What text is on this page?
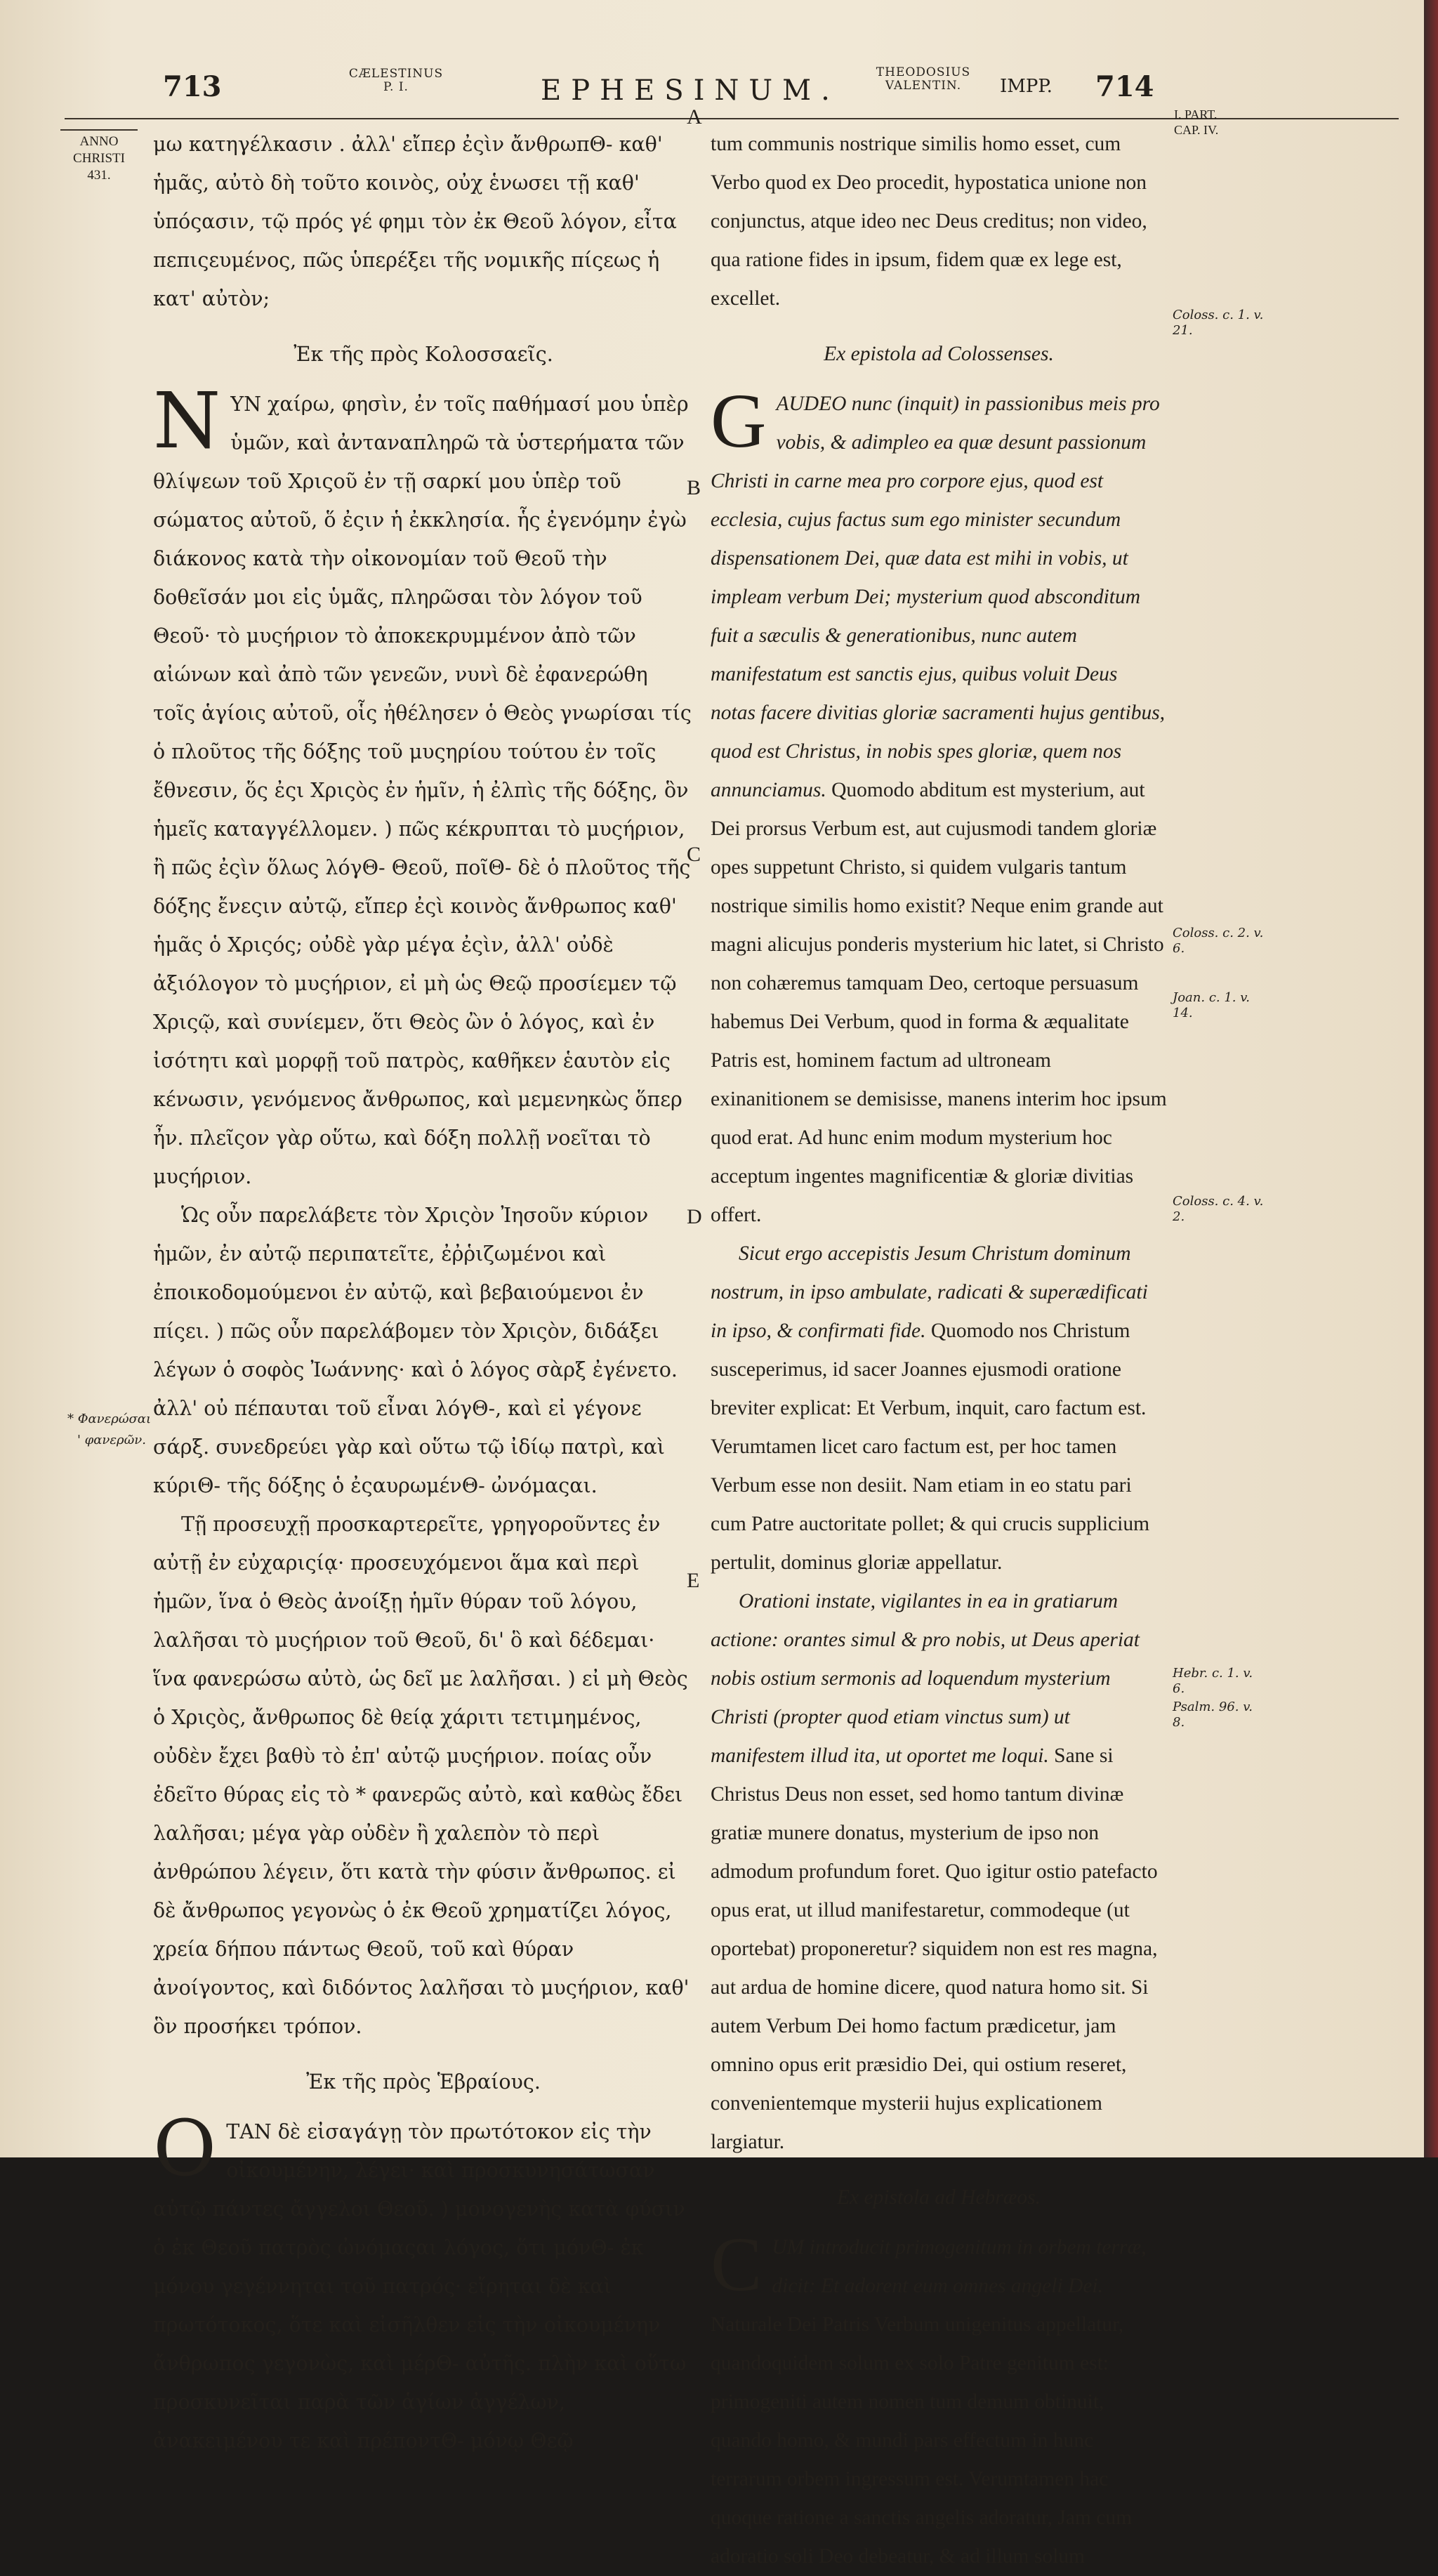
713	CÆLESTINUS
P. I.	EPHESINUM.
THEODOSIUS
VALENTIN.	IMPP. 714
ANNO
CHRISTI
431.
I. PART.
CAP. IV.

μω κατηγέλκασιν . ἀλλ' εἴπερ ἐςὶν ἄνθρωπΘ- καθ' ἡμᾶς, αὐτὸ δὴ τοῦτο κοινὸς, οὐχ ἑνωσει τῇ καθ' ὑπόςασιν, τῷ πρός γέ φημι τὸν ἐκ Θεοῦ λόγον, εἶτα πεπιςευμένος, πῶς ὑπερέξει τῆς νομικῆς πίςεως ἡ κατ' αὐτὸν;

Ἐκ τῆς πρὸς Κολοσσαεῖς.

NΥΝ χαίρω, φησὶν, ἐν τοῖς παθήμασί μου ὑπὲρ ὑμῶν, καὶ ἀνταναπληρῶ τὰ ὑστερήματα τῶν θλίψεων τοῦ Χριςοῦ ἐν τῇ σαρκί μου ὑπὲρ τοῦ σώματος αὐτοῦ, ὅ ἐςιν ἡ ἐκκλησία. ἧς ἐγενόμην ἐγὼ διάκονος κατὰ τὴν οἰκονομίαν τοῦ Θεοῦ τὴν δοθεῖσάν μοι εἰς ὑμᾶς, πληρῶσαι τὸν λόγον τοῦ Θεοῦ· τὸ μυςήριον τὸ ἀποκεκρυμμένον ἀπὸ τῶν αἰώνων καὶ ἀπὸ τῶν γενεῶν, νυνὶ δὲ ἐφανερώθη τοῖς ἁγίοις αὐτοῦ, οἷς ἠθέλησεν ὁ Θεὸς γνωρίσαι τίς ὁ πλοῦτος τῆς δόξης τοῦ μυςηρίου τούτου ἐν τοῖς ἔθνεσιν, ὅς ἐςι Χριςὸς ἐν ἡμῖν, ἡ ἐλπὶς τῆς δόξης, ὃν ἡμεῖς καταγγέλλομεν. ) πῶς κέκρυπται τὸ μυςήριον, ἢ πῶς ἐςὶν ὅλως λόγΘ- Θεοῦ, ποῖΘ- δὲ ὁ πλοῦτος τῆς δόξης ἔνεςιν αὐτῷ, εἴπερ ἐςὶ κοινὸς ἄνθρωπος καθ' ἡμᾶς ὁ Χριςός; οὐδὲ γὰρ μέγα ἐςὶν, ἀλλ' οὐδὲ ἀξιόλογον τὸ μυςήριον, εἰ μὴ ὡς Θεῷ προσίεμεν τῷ Χριςῷ, καὶ συνίεμεν, ὅτι Θεὸς ὢν ὁ λόγος, καὶ ἐν ἰσότητι καὶ μορφῇ τοῦ πατρὸς, καθῆκεν ἑαυτὸν εἰς κένωσιν, γενόμενος ἄνθρωπος, καὶ μεμενηκὼς ὅπερ ἦν. πλεῖςον γὰρ οὕτω, καὶ δόξη πολλῇ νοεῖται τὸ μυςήριον.

Ὡς οὖν παρελάβετε τὸν Χριςὸν Ἰησοῦν κύριον ἡμῶν, ἐν αὐτῷ περιπατεῖτε, ἐῤῥιζωμένοι καὶ ἐποικοδομούμενοι ἐν αὐτῷ, καὶ βεβαιούμενοι ἐν πίςει. ) πῶς οὖν παρελάβομεν τὸν Χριςὸν, διδάξει λέγων ὁ σοφὸς Ἰωάννης· καὶ ὁ λόγος σὰρξ ἐγένετο. ἀλλ' οὐ πέπαυται τοῦ εἶναι λόγΘ-, καὶ εἰ γέγονε σάρξ. συνεδρεύει γὰρ καὶ οὕτω τῷ ἰδίῳ πατρὶ, καὶ κύριΘ- τῆς δόξης ὁ ἐςαυρωμένΘ- ὠνόμαςαι.

Τῇ προσευχῇ προσκαρτερεῖτε, γρηγοροῦντες ἐν αὐτῇ ἐν εὐχαριςίᾳ· προσευχόμενοι ἅμα καὶ περὶ ἡμῶν, ἵνα ὁ Θεὸς ἀνοίξῃ ἡμῖν θύραν τοῦ λόγου, λαλῆσαι τὸ μυςήριον τοῦ Θεοῦ, δι' ὃ καὶ δέδεμαι· ἵνα φανερώσω αὐτὸ, ὡς δεῖ με λαλῆσαι. ) εἰ μὴ Θεὸς ὁ Χριςὸς, ἄνθρωπος δὲ θείᾳ χάριτι τετιμημένος, οὐδὲν ἔχει βαθὺ τὸ ἐπ' αὐτῷ μυςήριον. ποίας οὖν ἐδεῖτο θύρας εἰς τὸ * φανερῶς αὐτὸ, καὶ καθὼς ἔδει λαλῆσαι; μέγα γὰρ οὐδὲν ἢ χαλεπὸν τὸ περὶ ἀνθρώπου λέγειν, ὅτι κατὰ τὴν φύσιν ἄνθρωπος. εἰ δὲ ἄνθρωπος γεγονὼς ὁ ἐκ Θεοῦ χρηματίζει λόγος, χρεία δήπου πάντως Θεοῦ, τοῦ καὶ θύραν ἀνοίγοντος, καὶ διδόντος λαλῆσαι τὸ μυςήριον, καθ' ὃν προσήκει τρόπον.

Ἐκ τῆς πρὸς Ἑβραίους.

OΤΑΝ δὲ εἰσαγάγῃ τὸν πρωτότοκον εἰς τὴν οἰκουμένην, λέγει· καὶ προσκυνησάτωσαν αὐτῷ πάντες ἄγγελοι Θεοῦ. ) μονογενὴς κατὰ φύσιν ὁ ἐκ Θεοῦ πατρὸς ὠνόμαςαι λόγος, ὅτι μόνΘ- ἐκ μόνου γεγέννηται τοῦ πατρός· εἴρηται δὲ καὶ πρωτότοκος, ὅτε καὶ εἰσῆλθεν εἰς τὴν οἰκουμένην ἄνθρωπος γεγονὼς, καὶ μέρΘ- αὐτῆς. πλὴν καὶ οὕτω προσκυνεῖται παρὰ τῶν ἁγίων ἀγγέλων, ἀνακειμένου τε καὶ πρέποντΘ- μόνῳ Θεῷ

* Φανερώσαι
' φανερῶν.
A
B
C
D
E

tum communis nostrique similis homo esset, cum Verbo quod ex Deo procedit, hypostatica unione non conjunctus, atque ideo nec Deus creditus; non video, qua ratione fides in ipsum, fidem quæ ex lege est, excellet.

Ex epistola ad Colossenses.

GAUDEO nunc (inquit) in passionibus meis pro vobis, & adimpleo ea quæ desunt passionum Christi in carne mea pro corpore ejus, quod est ecclesia, cujus factus sum ego minister secundum dispensationem Dei, quæ data est mihi in vobis, ut impleam verbum Dei; mysterium quod absconditum fuit a sæculis & generationibus, nunc autem manifestatum est sanctis ejus, quibus voluit Deus notas facere divitias gloriæ sacramenti hujus gentibus, quod est Christus, in nobis spes gloriæ, quem nos annunciamus. Quomodo abditum est mysterium, aut Dei prorsus Verbum est, aut cujusmodi tandem gloriæ opes suppetunt Christo, si quidem vulgaris tantum nostrique similis homo existit? Neque enim grande aut magni alicujus ponderis mysterium hic latet, si Christo non cohæremus tamquam Deo, certoque persuasum habemus Dei Verbum, quod in forma & æqualitate Patris est, hominem factum ad ultroneam exinanitionem se demisisse, manens interim hoc ipsum quod erat. Ad hunc enim modum mysterium hoc acceptum ingentes magnificentiæ & gloriæ divitias offert.

Sicut ergo accepistis Jesum Christum dominum nostrum, in ipso ambulate, radicati & superædificati in ipso, & confirmati fide. Quomodo nos Christum susceperimus, id sacer Joannes ejusmodi oratione breviter explicat: Et Verbum, inquit, caro factum est. Verumtamen licet caro factum est, per hoc tamen Verbum esse non desiit. Nam etiam in eo statu pari cum Patre auctoritate pollet; & qui crucis supplicium pertulit, dominus gloriæ appellatur.

Orationi instate, vigilantes in ea in gratiarum actione: orantes simul & pro nobis, ut Deus aperiat nobis ostium sermonis ad loquendum mysterium Christi (propter quod etiam vinctus sum) ut manifestem illud ita, ut oportet me loqui. Sane si Christus Deus non esset, sed homo tantum divinæ gratiæ munere donatus, mysterium de ipso non admodum profundum foret. Quo igitur ostio patefacto opus erat, ut illud manifestaretur, commodeque (ut oportebat) proponeretur? siquidem non est res magna, aut ardua de homine dicere, quod natura homo sit. Si autem Verbum Dei homo factum prædicetur, jam omnino opus erit præsidio Dei, qui ostium reseret, convenientemque mysterii hujus explicationem largiatur.

Ex epistola ad Hebræos.

CUM introducit primogenitum in orbem terræ, dicit: Et adorent eum omnes angeli Dei. Naturale Dei Patris Verbum unigenitus appellatur, quandoquidem solum ex solo Patre genitum est: primogeniti autem nomen tum demum obtinuit, quando homo, & mundi pars effectum in hunc terrarum orbem ingressum est. Verumtamen hac quoque ratione a sanctis angelis adoratur, Jam cum adoratio soli Deo debeatur, & ad illum solum

Coloss. c. 1. v. 21.
Coloss. c. 2. v. 6.
Joan. c. 1. v. 14.
Coloss. c. 4. v. 2.
Hebr. c. 1. v. 6.
Psalm. 96. v. 8.
